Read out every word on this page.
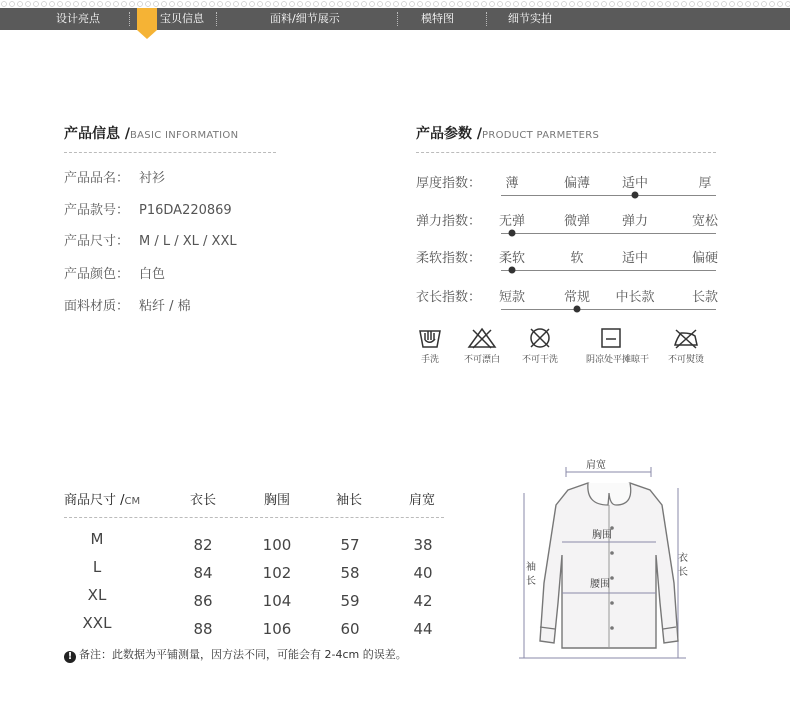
设计亮点	面料/细节展示	模特图	细节实拍
宝贝信息
产品信息 /BASIC INFORMATION
产品品名： 衬衫
产品款号： P16DA220869
产品尺寸： M / L / XL / XXL
产品颜色： 白色
面料材质： 粘纤 / 棉
产品参数 /PRODUCT PARMETERS
厚度指数： 薄	偏薄 适中	厚
弹力指数： 无弹	微弹 弹力	宽松
柔软指数： 柔软	软	适中	偏硬
衣长指数： 短款	常规 中长款	长款
手洗	不可漂白	不可干洗	阴凉处平摊晾干	不可熨烫
商品尺寸 /CM	衣长	胸围	袖长	肩宽
M	82	100	57	38
L	84	102	58	40
XL	86	104	59	42
XXL	88	106	60	44
! 备注：此数据为平铺测量，因方法不同，可能会有 2-4cm 的误差。
肩宽
胸围
腰围
袖
长
衣
长
